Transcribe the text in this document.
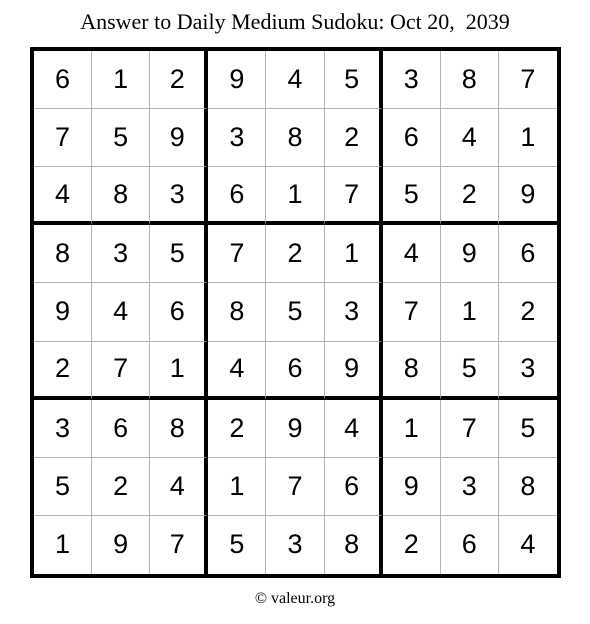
Answer to Daily Medium Sudoku: Oct 20,  2039
6	1	2	9	4	5	3	8	7
7	5	9	3	8	2	6	4	1
4	8	3	6	1	7	5	2	9
8	3	5	7	2	1	4	9	6
9	4	6	8	5	3	7	1	2
2	7	1	4	6	9	8	5	3
3	6	8	2	9	4	1	7	5
5	2	4	1	7	6	9	3	8
1	9	7	5	3	8	2	6	4
© valeur.org
